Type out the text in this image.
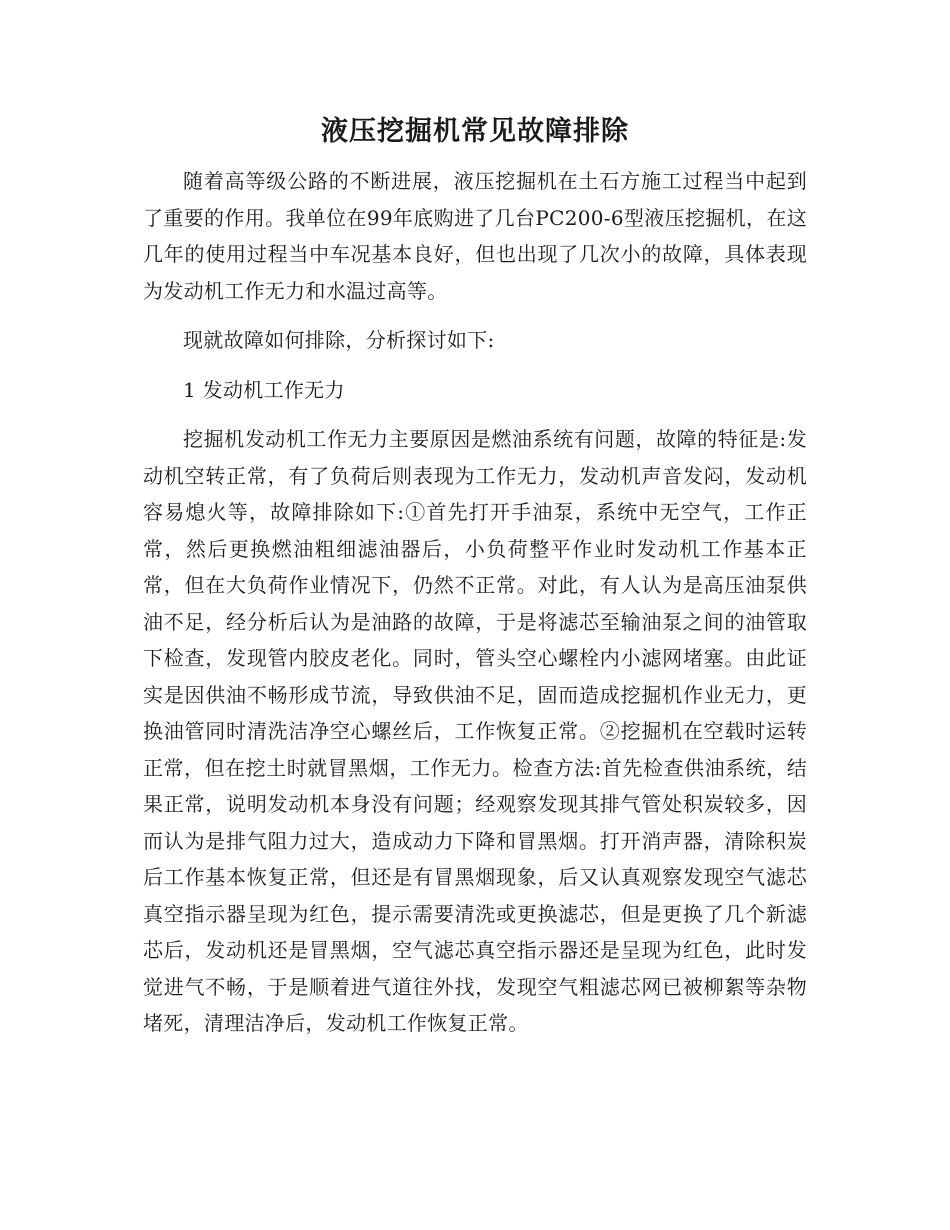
液压挖掘机常见故障排除

随着高等级公路的不断进展，液压挖掘机在土石方施工过程当中起到了重要的作用。我单位在99年底购进了几台PC200-6型液压挖掘机，在这几年的使用过程当中车况基本良好，但也出现了几次小的故障，具体表现为发动机工作无力和水温过高等。

现就故障如何排除，分析探讨如下:

1 发动机工作无力

挖掘机发动机工作无力主要原因是燃油系统有问题，故障的特征是:发动机空转正常，有了负荷后则表现为工作无力，发动机声音发闷，发动机容易熄火等，故障排除如下:①首先打开手油泵，系统中无空气，工作正常，然后更换燃油粗细滤油器后，小负荷整平作业时发动机工作基本正常，但在大负荷作业情况下，仍然不正常。对此，有人认为是高压油泵供油不足，经分析后认为是油路的故障，于是将滤芯至输油泵之间的油管取下检查，发现管内胶皮老化。同时，管头空心螺栓内小滤网堵塞。由此证实是因供油不畅形成节流，导致供油不足，固而造成挖掘机作业无力，更换油管同时清洗洁净空心螺丝后，工作恢复正常。②挖掘机在空载时运转正常，但在挖土时就冒黑烟，工作无力。检查方法:首先检查供油系统，结果正常，说明发动机本身没有问题；经观察发现其排气管处积炭较多，因而认为是排气阻力过大，造成动力下降和冒黑烟。打开消声器，清除积炭后工作基本恢复正常，但还是有冒黑烟现象，后又认真观察发现空气滤芯真空指示器呈现为红色，提示需要清洗或更换滤芯，但是更换了几个新滤芯后，发动机还是冒黑烟，空气滤芯真空指示器还是呈现为红色，此时发觉进气不畅，于是顺着进气道往外找，发现空气粗滤芯网已被柳絮等杂物堵死，清理洁净后，发动机工作恢复正常。
